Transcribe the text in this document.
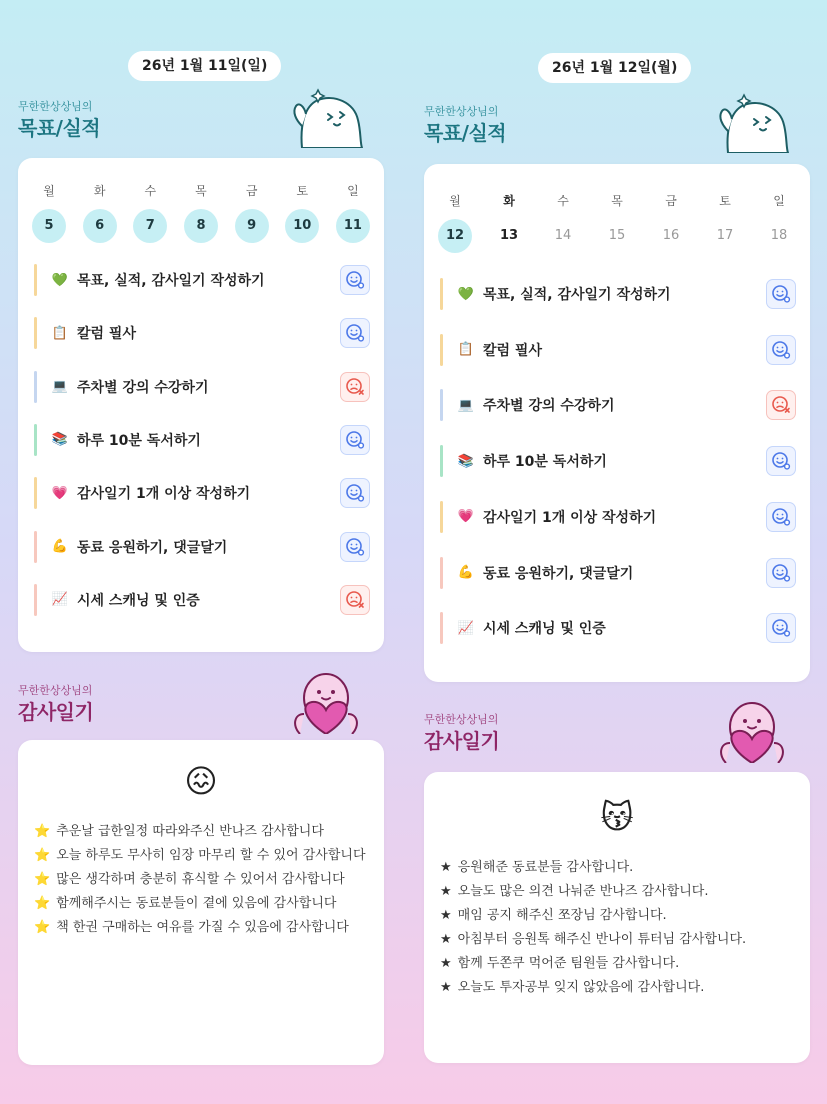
26년 1월 11일(일)
무한한상상님의
목표/실적
월	화	수	목	금	토	일
5	6	7	8	9	10	11
💚 목표, 실적, 감사일기 작성하기
📋 칼럼 필사
💻 주차별 강의 수강하기
📚 하루 10분 독서하기
💗 감사일기 1개 이상 작성하기
💪 동료 응원하기, 댓글달기
📈 시세 스캐닝 및 인증
무한한상상님의
감사일기
😖
⭐ 추운날 급한일정 따라와주신 반나즈 감사합니다
⭐ 오늘 하루도 무사히 임장 마무리 할 수 있어 감사합니다
⭐ 많은 생각하며 충분히 휴식할 수 있어서 감사합니다
⭐ 함께해주시는 동료분들이 곁에 있음에 감사합니다
⭐ 책 한권 구매하는 여유를 가질 수 있음에 감사합니다
26년 1월 12일(월)
무한한상상님의
목표/실적
월	화	수	목	금	토	일
12	13	14	15	16	17	18
💚 목표, 실적, 감사일기 작성하기
📋 칼럼 필사
💻 주차별 강의 수강하기
📚 하루 10분 독서하기
💗 감사일기 1개 이상 작성하기
💪 동료 응원하기, 댓글달기
📈 시세 스캐닝 및 인증
무한한상상님의
감사일기
😽
★ 응원해준 동료분들 감사합니다.
★ 오늘도 많은 의견 나눠준 반나즈 감사합니다.
★ 매임 공지 해주신 쪼장님 감사합니다.
★ 아침부터 응원톡 해주신 반나이 튜터님 감사합니다.
★ 함께 두쫀쿠 먹어준 팀원들 감사합니다.
★ 오늘도 투자공부 잊지 않았음에 감사합니다.
